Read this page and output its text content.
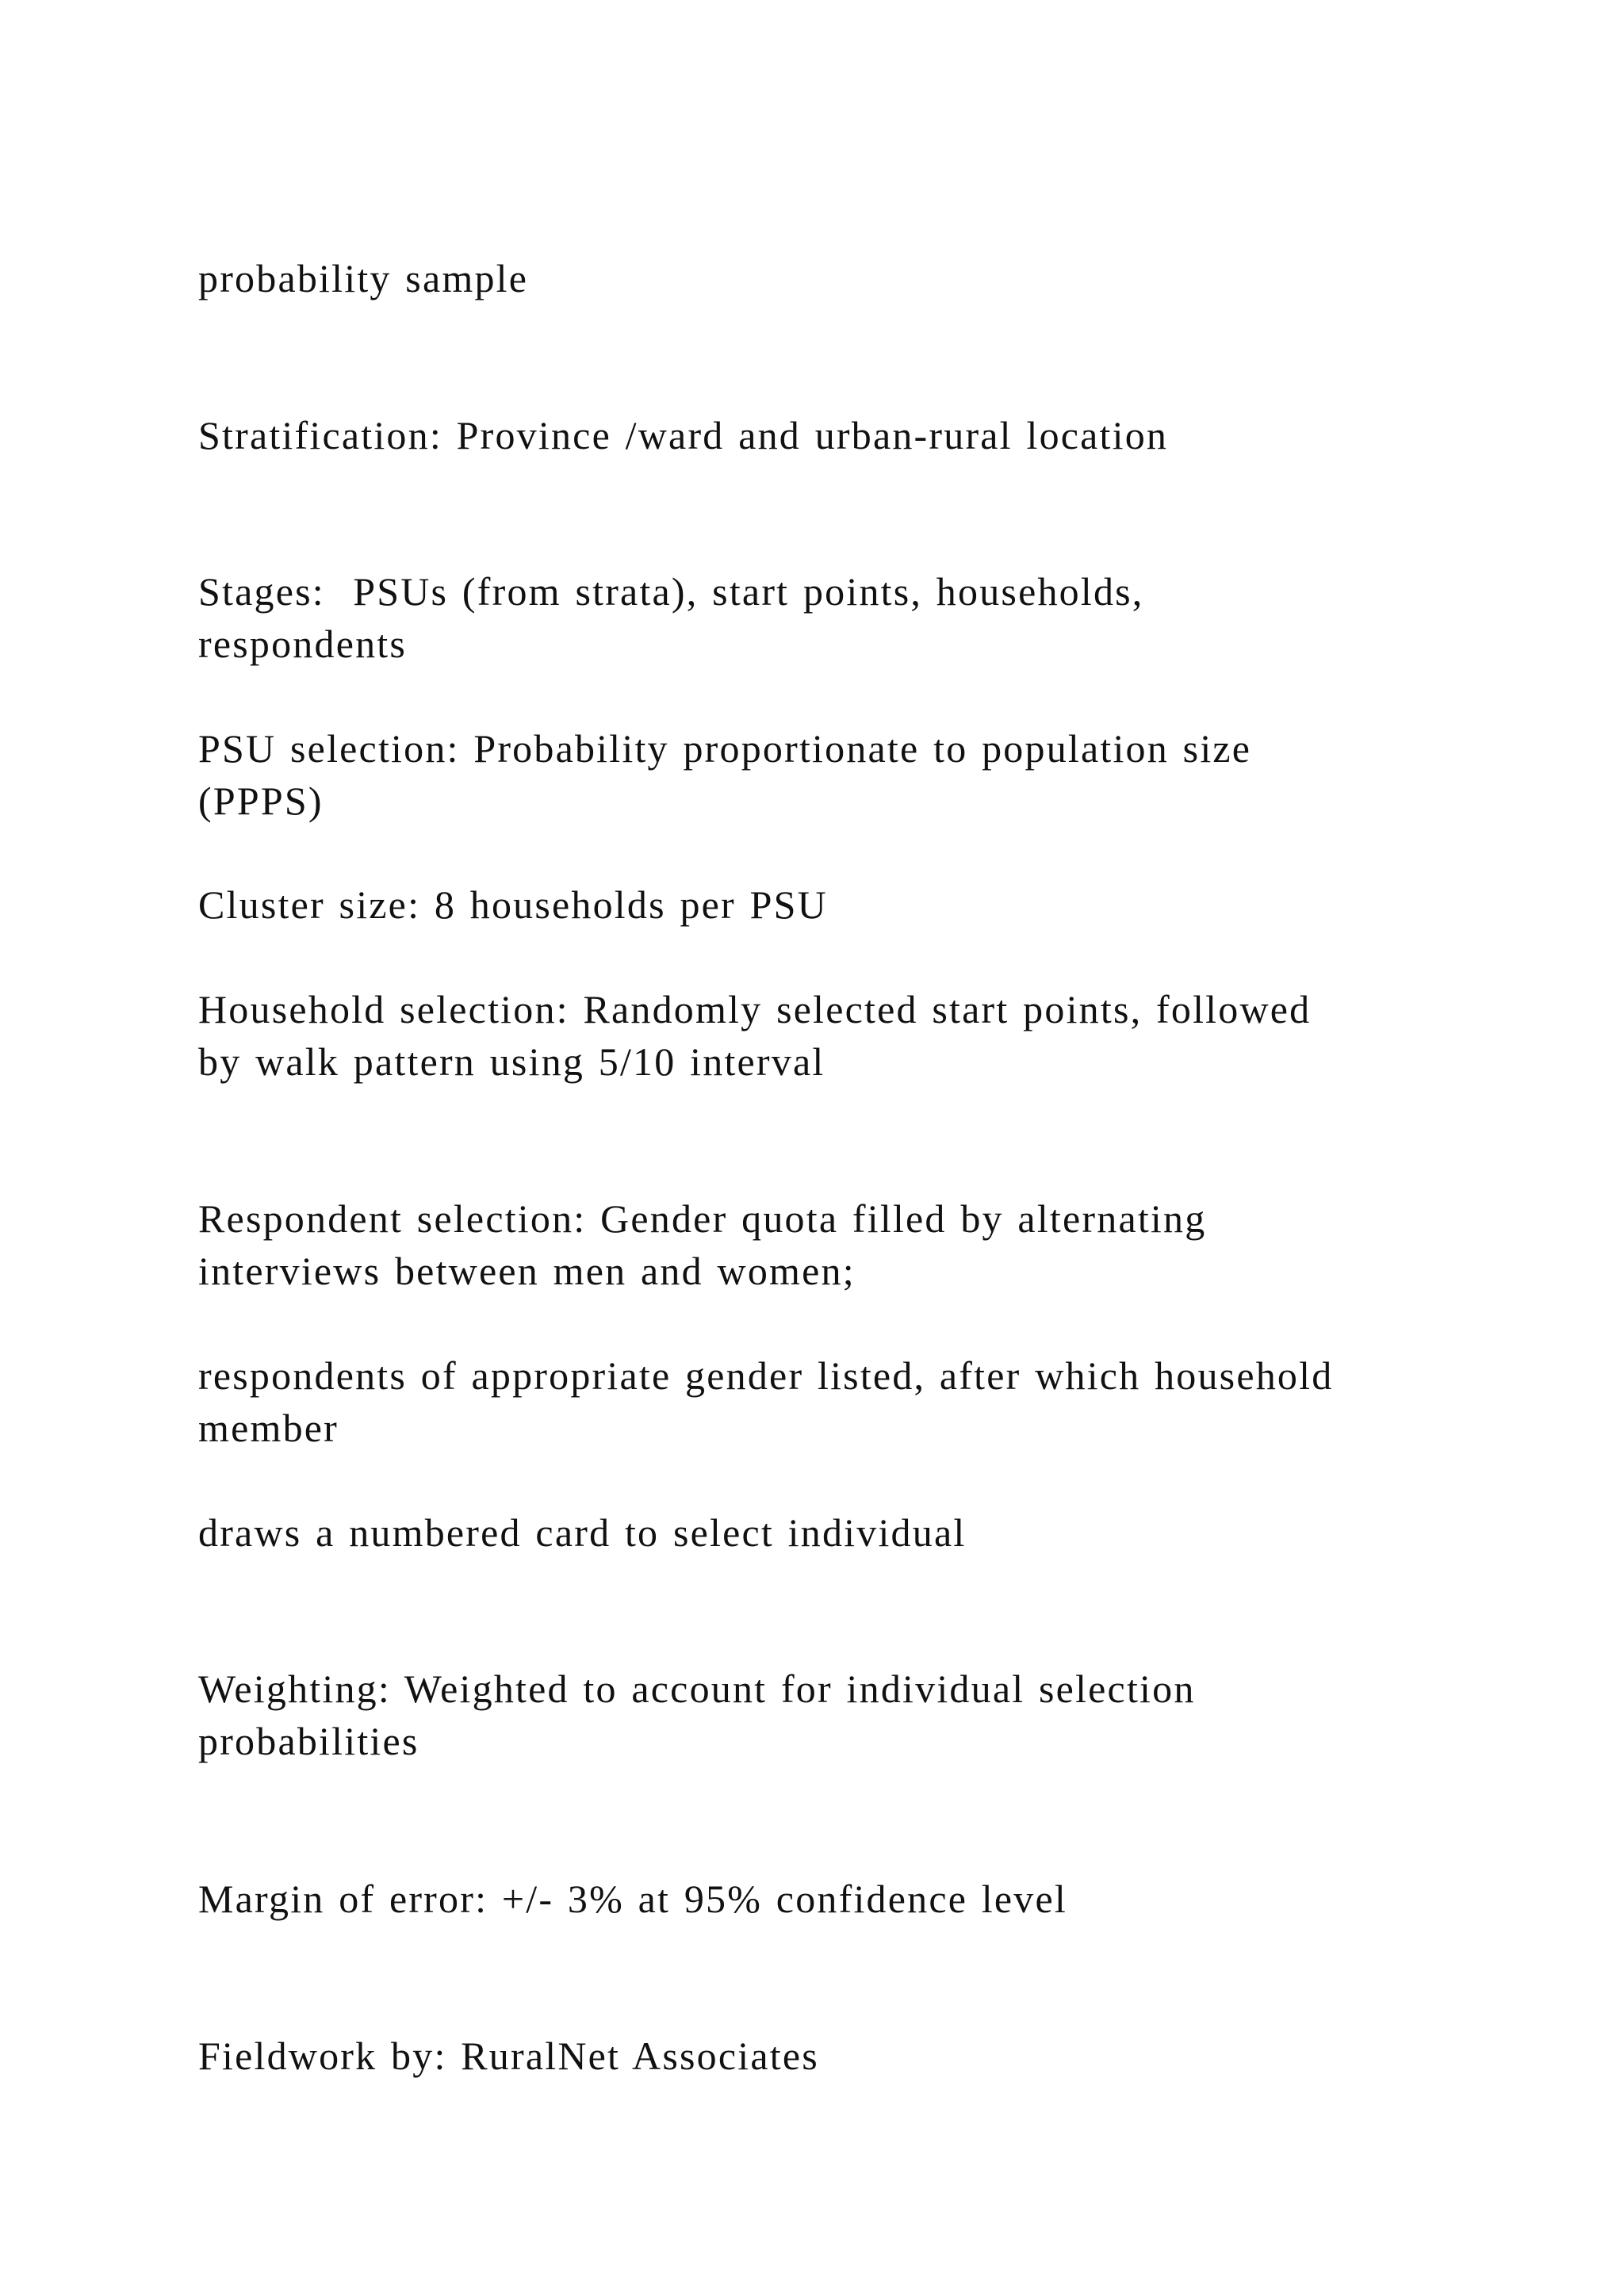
probability sample

Stratification: Province /ward and urban-rural location

Stages:  PSUs (from strata), start points, households,
respondents

PSU selection: Probability proportionate to population size
(PPPS)

Cluster size: 8 households per PSU

Household selection: Randomly selected start points, followed
by walk pattern using 5/10 interval

Respondent selection: Gender quota filled by alternating
interviews between men and women;

respondents of appropriate gender listed, after which household
member

draws a numbered card to select individual

Weighting: Weighted to account for individual selection
probabilities

Margin of error: +/- 3% at 95% confidence level

Fieldwork by: RuralNet Associates
